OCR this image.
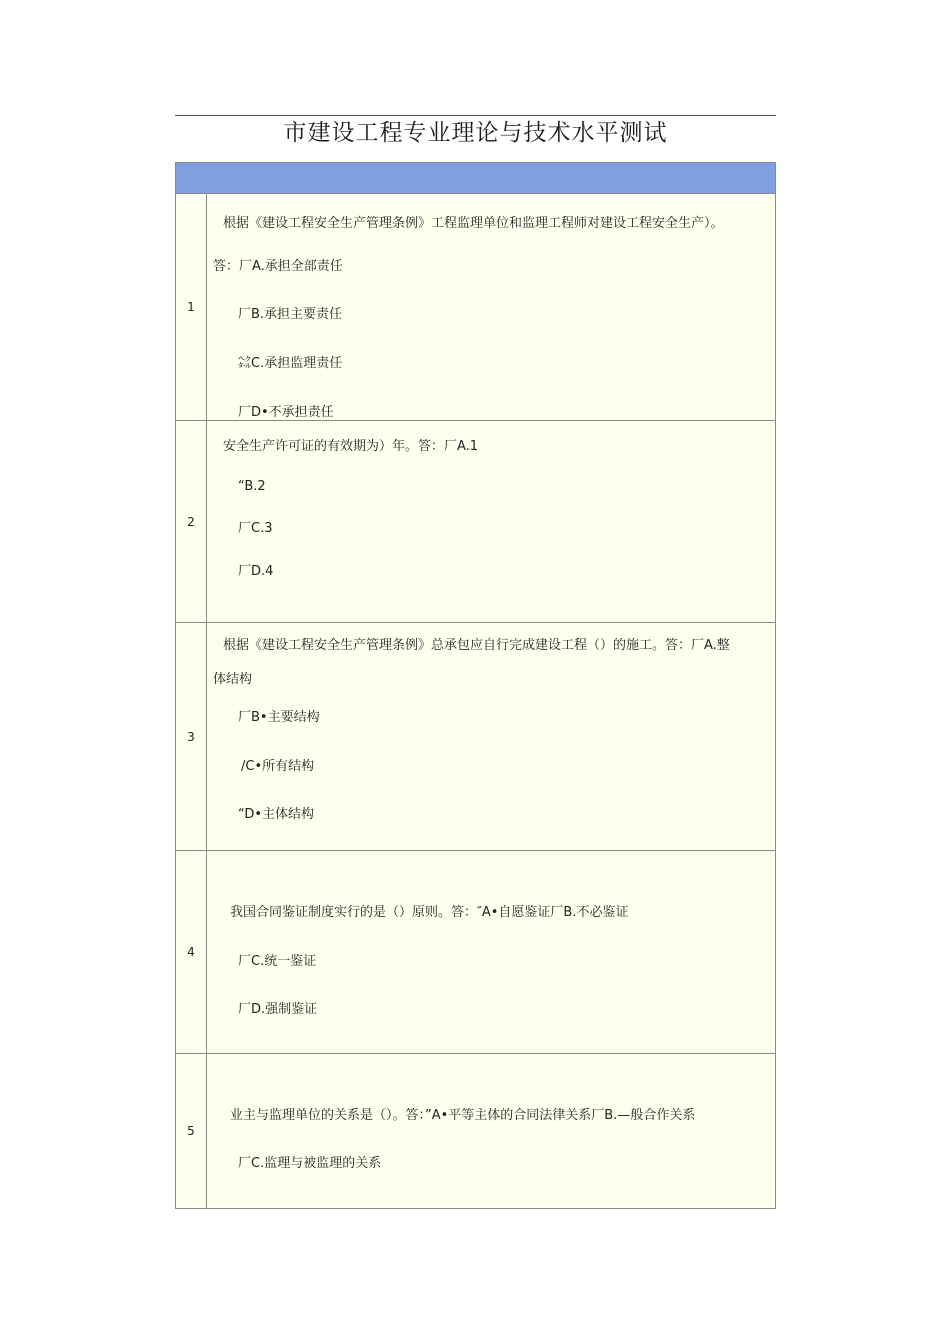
市建设工程专业理论与技术水平测试
1
根据《建设工程安全生产管理条例》工程监理单位和监理工程师对建设工程安全生产）。
答：厂A.承担全部责任
厂B.承担主要责任
㌶C.承担监理责任
厂D•不承担责任
2
安全生产许可证的有效期为）年。答：厂A.1
“B.2
厂C.3
厂D.4
3
根据《建设工程安全生产管理条例》总承包应自行完成建设工程（）的施工。答：厂A.整
体结构
厂B•主要结构
/C•所有结构
“D•主体结构
4
我国合同鉴证制度实行的是（）原则。答：″A•自愿鉴证厂B.不必鉴证
厂C.统一鉴证
厂D.强制鉴证
5
业主与监理单位的关系是（）。答：”A•平等主体的合同法律关系厂B.—般合作关系
厂C.监理与被监理的关系
